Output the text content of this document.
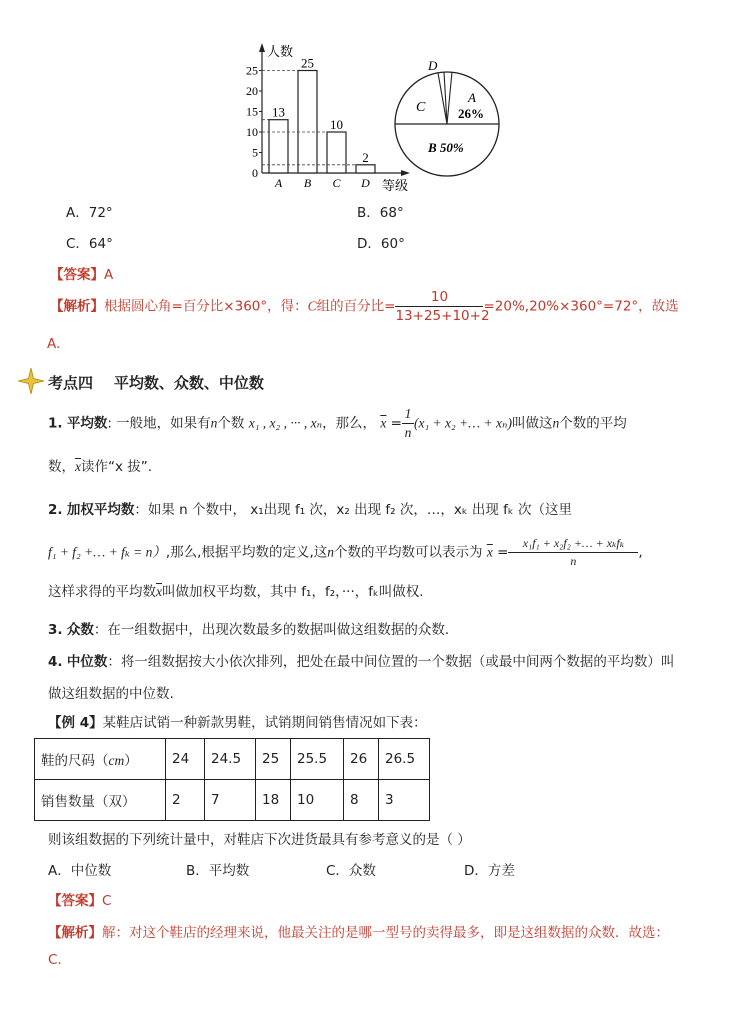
0
5
10
15
20
25
13
A
25
B
10
C
2
D
人数
等级
D
C
A
26%
B 50%
A．72°	B．68°
C．64°	D．60°
【答案】A
【解析】根据圆心角=百分比×360°，得：C组的百分比= $\frac{10}{13+25+10+2} =20\%,20\%\times 360^\circ=72^\circ$，故选
A.
考点四    平均数、众数、中位数
1. 平均数: 一般地，如果有n个数 x₁ , x₂ , ··· , xₙ，那么， $\overline{x} = \frac{1}{n} (x_1 + x_2$ +… + xₙ)叫做这n个数的平均
数，$\overline{x}$读作“x 拔”.
2. 加权平均数：如果 n 个数中， x₁出现 f₁ 次，x₂ 出现 f₂ 次，…，xₖ 出现 fₖ 次（这里
f₁ + f₂ +… + fₖ = n）,那么,根据平均数的定义,这n个数的平均数可以表示为 $\overline{x} = \frac{\text{x₁f₁ + x₂f₂ +… + xₖfₖ}}{n}$ ,
这样求得的平均数$\overline{x}$叫做加权平均数，其中 f₁，f₂，···，fₖ叫做权.
3. 众数：在一组数据中，出现次数最多的数据叫做这组数据的众数.
4. 中位数：将一组数据按大小依次排列，把处在最中间位置的一个数据（或最中间两个数据的平均数）叫
做这组数据的中位数.
【例 4】某鞋店试销一种新款男鞋，试销期间销售情况如下表：
鞋的尺码（cm）	24	24.5	25	25.5	26	26.5
销售数量（双）	2	7	18	10	8	3
则该组数据的下列统计量中，对鞋店下次进货最具有参考意义的是（ ）
A．中位数	B．平均数	C．众数	D．方差
【答案】C
【解析】解：对这个鞋店的经理来说，他最关注的是哪一型号的卖得最多，即是这组数据的众数．故选：
C.
